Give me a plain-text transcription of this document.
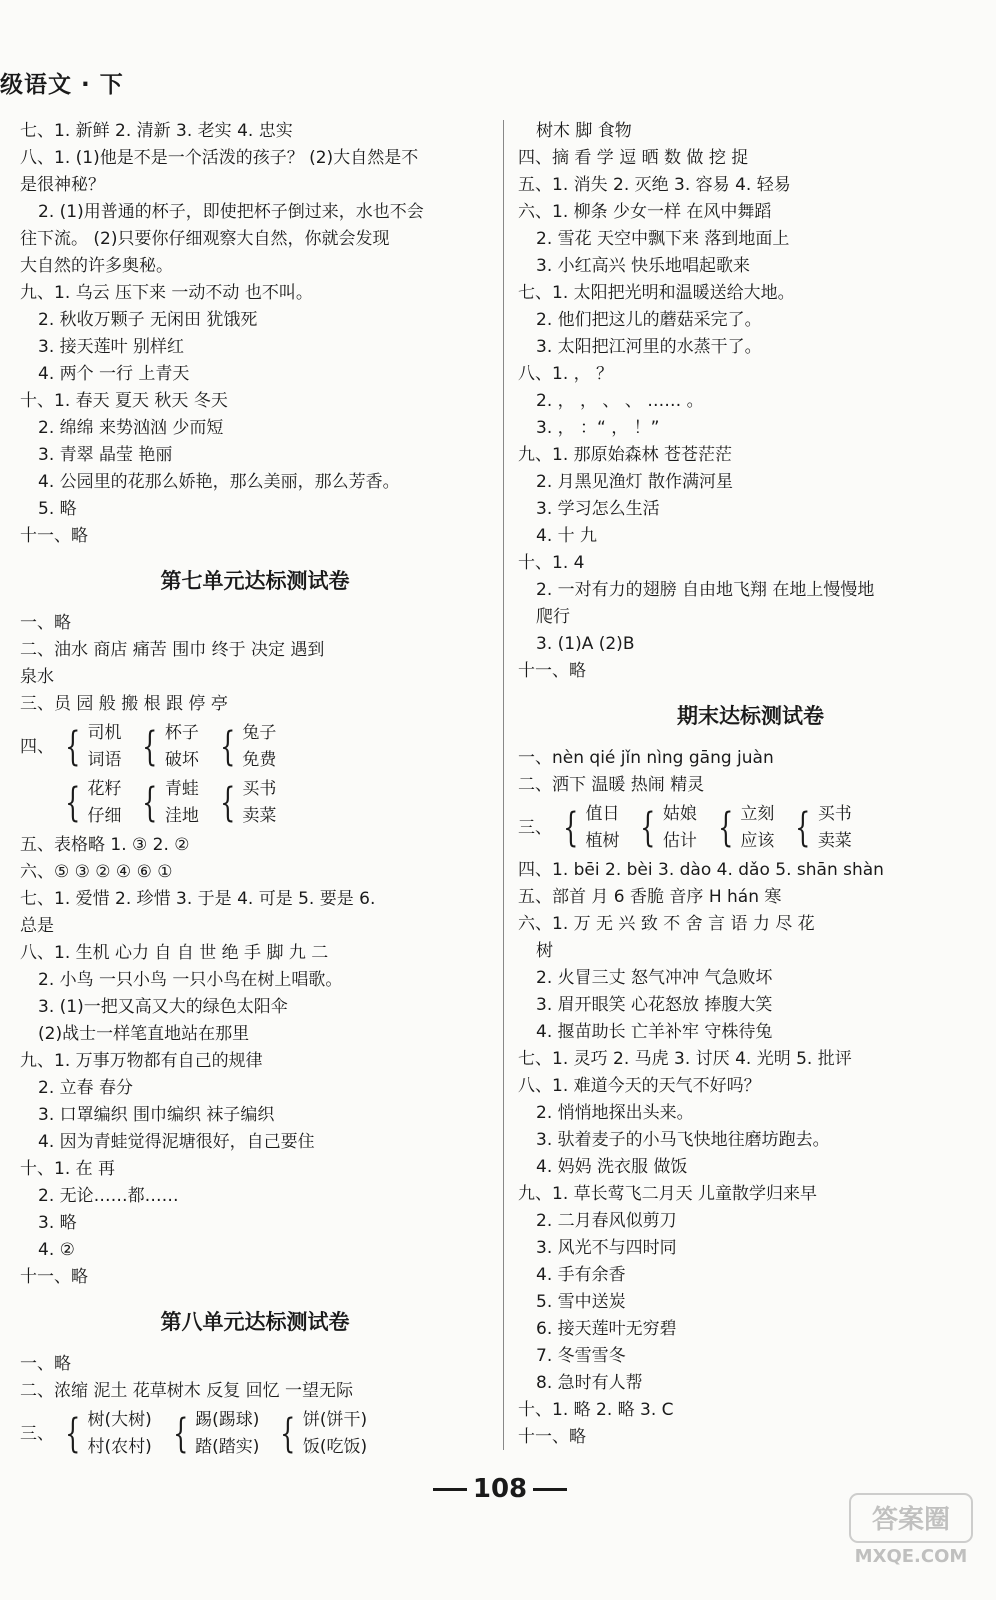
级语文 · 下
七、1. 新鲜 2. 清新 3. 老实 4. 忠实
八、1. (1)他是不是一个活泼的孩子？ (2)大自然是不
是很神秘？
2. (1)用普通的杯子，即使把杯子倒过来，水也不会
往下流。 (2)只要你仔细观察大自然，你就会发现
大自然的许多奥秘。
九、1. 乌云 压下来 一动不动 也不叫。
2. 秋收万颗子 无闲田 犹饿死
3. 接天莲叶 别样红
4. 两个 一行 上青天
十、1. 春天 夏天 秋天 冬天
2. 绵绵 来势汹汹 少而短
3. 青翠 晶莹 艳丽
4. 公园里的花那么娇艳，那么美丽，那么芳香。
5. 略
十一、略
第七单元达标测试卷
一、略
二、油水 商店 痛苦 围巾 终于 决定 遇到
泉水
三、员 园 般 搬 根 跟 停 亭
四、 { 司机
词语 { 杯子
破坏 { 兔子
免费
{ 花籽
仔细 { 青蛙
洼地 { 买书
卖菜
五、表格略 1. ③ 2. ②
六、⑤ ③ ② ④ ⑥ ①
七、1. 爱惜 2. 珍惜 3. 于是 4. 可是 5. 要是 6.
总是
八、1. 生机 心力 自 自 世 绝 手 脚 九 二
2. 小鸟 一只小鸟 一只小鸟在树上唱歌。
3. (1)一把又高又大的绿色太阳伞
(2)战士一样笔直地站在那里
九、1. 万事万物都有自己的规律
2. 立春 春分
3. 口罩编织 围巾编织 袜子编织
4. 因为青蛙觉得泥塘很好，自己要住
十、1. 在 再
2. 无论……都……
3. 略
4. ②
十一、略
第八单元达标测试卷
一、略
二、浓缩 泥土 花草树木 反复 回忆 一望无际
三、 { 树(大树)
村(农村) { 踢(踢球)
踏(踏实) { 饼(饼干)
饭(吃饭)
树木 脚 食物
四、摘 看 学 逗 晒 数 做 挖 捉
五、1. 消失 2. 灭绝 3. 容易 4. 轻易
六、1. 柳条 少女一样 在风中舞蹈
2. 雪花 天空中飘下来 落到地面上
3. 小红高兴 快乐地唱起歌来
七、1. 太阳把光明和温暖送给大地。
2. 他们把这儿的蘑菇采完了。
3. 太阳把江河里的水蒸干了。
八、1. ， ？
2. ， ， 、 、 …… 。
3. ， ：“ ， ！”
九、1. 那原始森林 苍苍茫茫
2. 月黑见渔灯 散作满河星
3. 学习怎么生活
4. 十 九
十、1. 4
2. 一对有力的翅膀 自由地飞翔 在地上慢慢地
爬行
3. (1)A (2)B
十一、略
期末达标测试卷
一、nèn qié jǐn nìng gāng juàn
二、洒下 温暖 热闹 精灵
三、 { 值日
植树 { 姑娘
估计 { 立刻
应该 { 买书
卖菜
四、1. bēi 2. bèi 3. dào 4. dǎo 5. shān shàn
五、部首 月 6 香脆 音序 H hán 寒
六、1. 万 无 兴 致 不 舍 言 语 力 尽 花
树
2. 火冒三丈 怒气冲冲 气急败坏
3. 眉开眼笑 心花怒放 捧腹大笑
4. 揠苗助长 亡羊补牢 守株待兔
七、1. 灵巧 2. 马虎 3. 讨厌 4. 光明 5. 批评
八、1. 难道今天的天气不好吗？
2. 悄悄地探出头来。
3. 驮着麦子的小马飞快地往磨坊跑去。
4. 妈妈 洗衣服 做饭
九、1. 草长莺飞二月天 儿童散学归来早
2. 二月春风似剪刀
3. 风光不与四时同
4. 手有余香
5. 雪中送炭
6. 接天莲叶无穷碧
7. 冬雪雪冬
8. 急时有人帮
十、1. 略 2. 略 3. C
十一、略
108
答案圈
MXQE.COM
